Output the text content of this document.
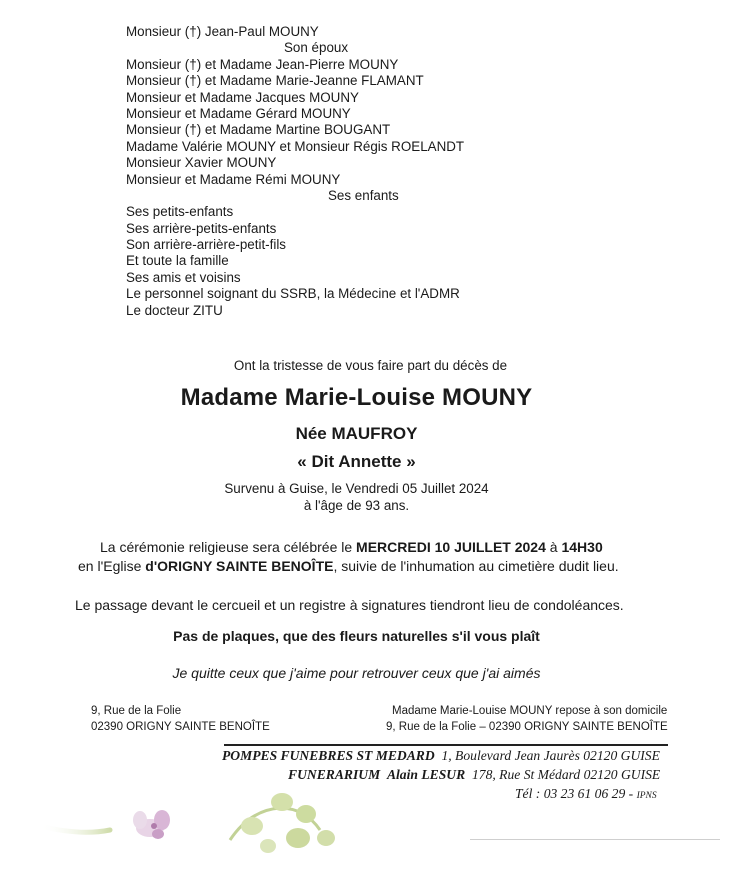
Monsieur (†) Jean-Paul MOUNY
Son époux
Monsieur (†) et Madame Jean-Pierre MOUNY
Monsieur (†) et Madame Marie-Jeanne FLAMANT
Monsieur et Madame Jacques MOUNY
Monsieur et Madame Gérard MOUNY
Monsieur (†) et Madame Martine BOUGANT
Madame Valérie MOUNY et Monsieur Régis ROELANDT
Monsieur Xavier MOUNY
Monsieur et Madame Rémi MOUNY
Ses enfants
Ses petits-enfants
Ses arrière-petits-enfants
Son arrière-arrière-petit-fils
Et toute la famille
Ses amis et voisins
Le personnel soignant du SSRB, la Médecine et l'ADMR
Le docteur ZITU
Ont la tristesse de vous faire part du décès de
Madame Marie-Louise MOUNY
Née MAUFROY
« Dit Annette »
Survenu à Guise, le Vendredi 05 Juillet 2024
à l'âge de 93 ans.
La cérémonie religieuse sera célébrée le MERCREDI 10 JUILLET 2024 à 14H30
en l'Eglise d'ORIGNY SAINTE BENOÎTE, suivie de l'inhumation au cimetière dudit lieu.
Le passage devant le cercueil et un registre à signatures tiendront lieu de condoléances.
Pas de plaques, que des fleurs naturelles s'il vous plaît
Je quitte ceux que j'aime pour retrouver ceux que j'ai aimés
9, Rue de la Folie
02390 ORIGNY SAINTE BENOÎTE
Madame Marie-Louise MOUNY repose à son domicile
9, Rue de la Folie – 02390 ORIGNY SAINTE BENOÎTE
POMPES FUNEBRES ST MEDARD 1, Boulevard Jean Jaurès 02120 GUISE
FUNERARIUM Alain LESUR 178, Rue St Médard 02120 GUISE
Tél : 03 23 61 06 29 - IPNS
